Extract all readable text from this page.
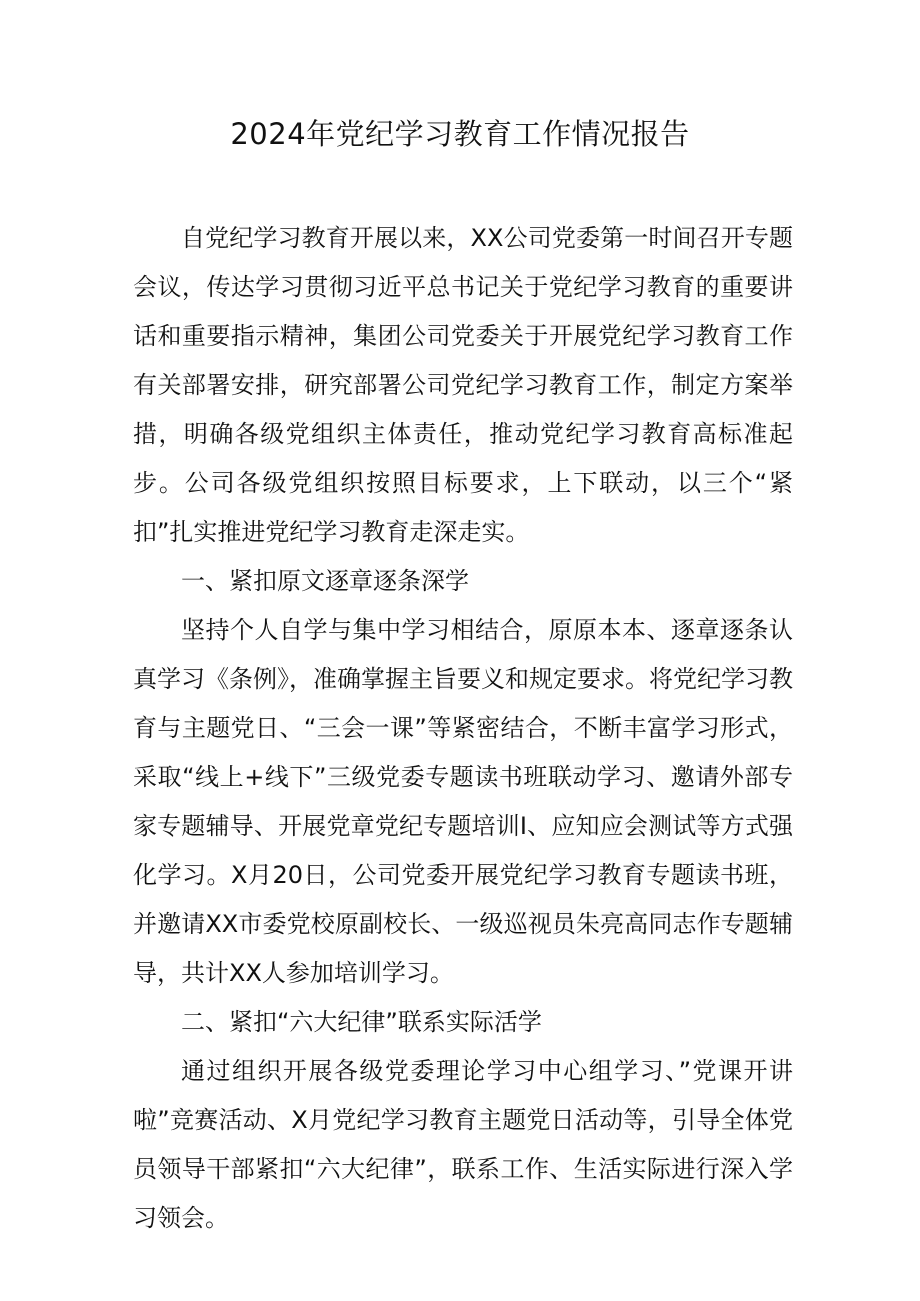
2024年党纪学习教育工作情况报告

自党纪学习教育开展以来，XX公司党委第一时间召开专题会议，传达学习贯彻习近平总书记关于党纪学习教育的重要讲话和重要指示精神，集团公司党委关于开展党纪学习教育工作有关部署安排，研究部署公司党纪学习教育工作，制定方案举措，明确各级党组织主体责任，推动党纪学习教育高标准起步。公司各级党组织按照目标要求，上下联动，以三个“紧扣”扎实推进党纪学习教育走深走实。

一、紧扣原文逐章逐条深学

坚持个人自学与集中学习相结合，原原本本、逐章逐条认真学习《条例》，准确掌握主旨要义和规定要求。将党纪学习教育与主题党日、“三会一课”等紧密结合，不断丰富学习形式，采取“线上+线下”三级党委专题读书班联动学习、邀请外部专家专题辅导、开展党章党纪专题培训I、应知应会测试等方式强化学习。X月20日，公司党委开展党纪学习教育专题读书班，并邀请XX市委党校原副校长、一级巡视员朱亮高同志作专题辅导，共计XX人参加培训学习。

二、紧扣“六大纪律”联系实际活学

通过组织开展各级党委理论学习中心组学习、”党课开讲啦”竞赛活动、X月党纪学习教育主题党日活动等，引导全体党员领导干部紧扣“六大纪律”，联系工作、生活实际进行深入学习领会。
